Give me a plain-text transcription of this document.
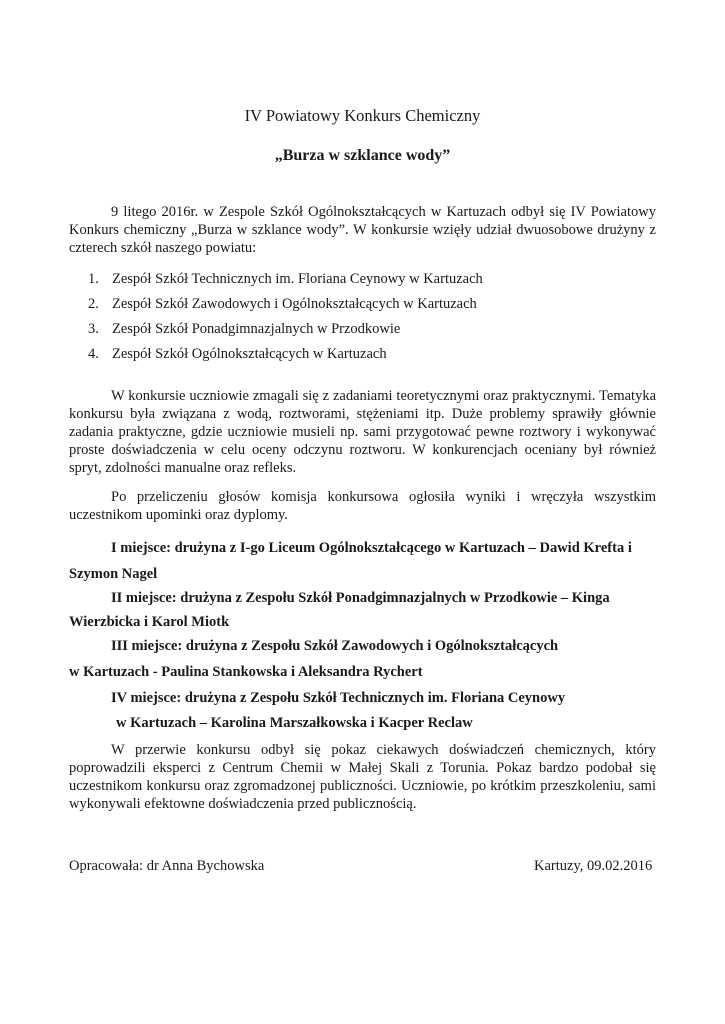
IV Powiatowy Konkurs Chemiczny
„Burza w szklance wody”

9 litego 2016r. w Zespole Szkół Ogólnokształcących w Kartuzach odbył się IV Powiatowy Konkurs chemiczny „Burza w szklance wody”. W konkursie wzięły udział dwuosobowe drużyny z czterech szkół naszego powiatu:

1. Zespół Szkół Technicznych im. Floriana Ceynowy w Kartuzach
2. Zespół Szkół Zawodowych i Ogólnokształcących w Kartuzach
3. Zespół Szkół Ponadgimnazjalnych w Przodkowie
4. Zespół Szkół Ogólnokształcących w Kartuzach

W konkursie uczniowie zmagali się z zadaniami teoretycznymi oraz praktycznymi. Tematyka konkursu była związana z wodą, roztworami, stężeniami itp. Duże problemy sprawiły głównie zadania praktyczne, gdzie uczniowie musieli np. sami przygotować pewne roztwory i wykonywać proste doświadczenia w celu oceny odczynu roztworu. W konkurencjach oceniany był również spryt, zdolności manualne oraz refleks.

Po przeliczeniu głosów komisja konkursowa ogłosiła wyniki i wręczyła wszystkim uczestnikom upominki oraz dyplomy.

I miejsce: drużyna z I-go Liceum Ogólnokształcącego w Kartuzach – Dawid Krefta i

Szymon Nagel

II miejsce: drużyna z Zespołu Szkół Ponadgimnazjalnych w Przodkowie – Kinga

Wierzbicka i Karol Miotk

III miejsce: drużyna z Zespołu Szkół Zawodowych i Ogólnokształcących

w Kartuzach - Paulina Stankowska i Aleksandra Rychert

IV miejsce: drużyna z Zespołu Szkół Technicznych im. Floriana Ceynowy

w Kartuzach – Karolina Marszałkowska i Kacper Reclaw

W przerwie konkursu odbył się pokaz ciekawych doświadczeń chemicznych, który poprowadzili eksperci z Centrum Chemii w Małej Skali z Torunia. Pokaz bardzo podobał się uczestnikom konkursu oraz zgromadzonej publiczności. Uczniowie, po krótkim przeszkoleniu, sami wykonywali efektowne doświadczenia przed publicznością.

Opracowała: dr Anna Bychowska	Kartuzy, 09.02.2016
